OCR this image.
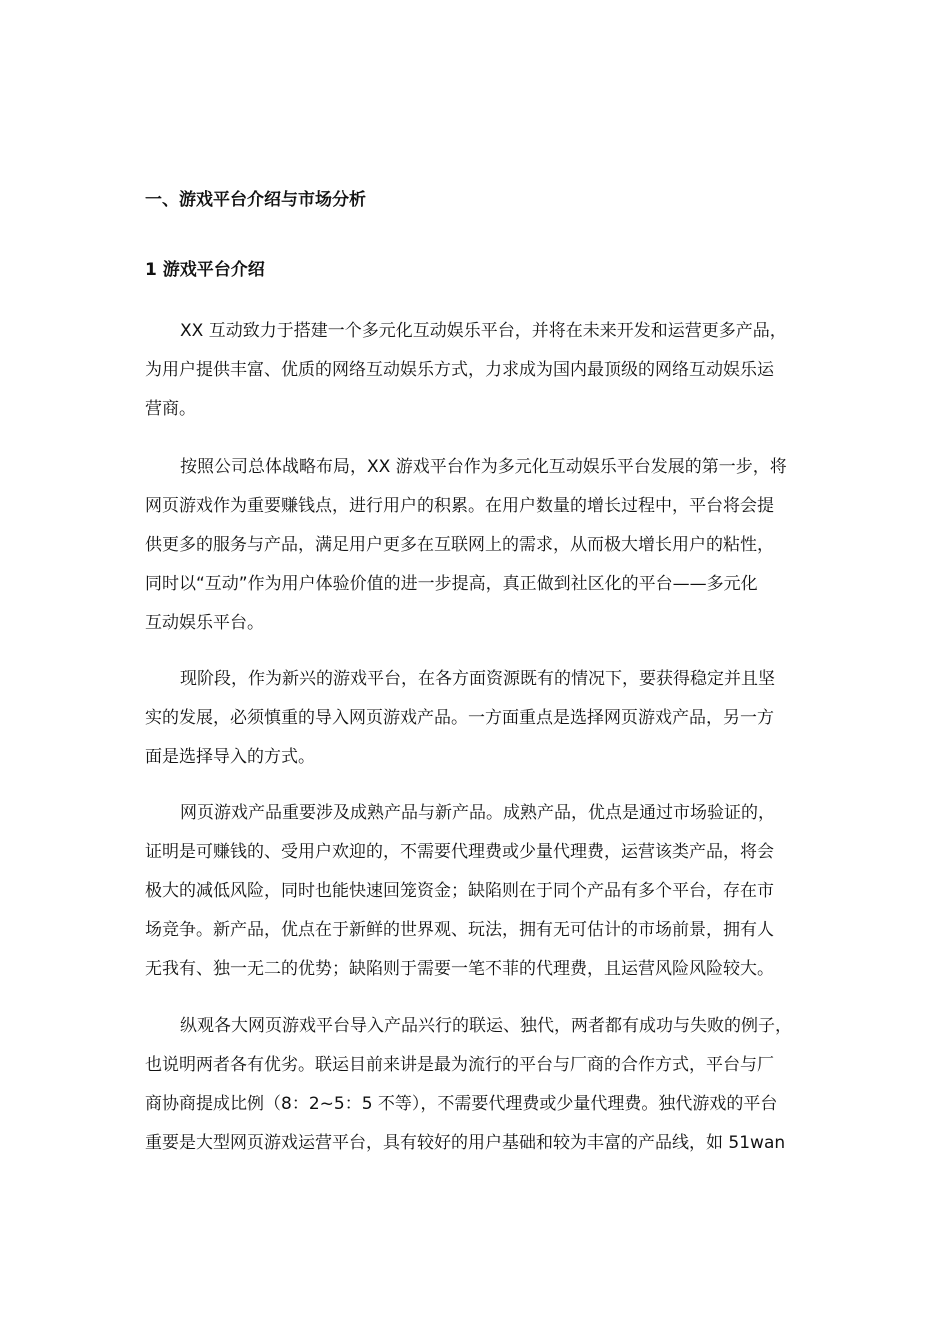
一、游戏平台介绍与市场分析
1 游戏平台介绍
XX 互动致力于搭建一个多元化互动娱乐平台，并将在未来开发和运营更多产品，
为用户提供丰富、优质的网络互动娱乐方式，力求成为国内最顶级的网络互动娱乐运
营商。
按照公司总体战略布局，XX 游戏平台作为多元化互动娱乐平台发展的第一步，将
网页游戏作为重要赚钱点，进行用户的积累。在用户数量的增长过程中，平台将会提
供更多的服务与产品，满足用户更多在互联网上的需求，从而极大增长用户的粘性，
同时以“互动”作为用户体验价值的进一步提高，真正做到社区化的平台——多元化
互动娱乐平台。
现阶段，作为新兴的游戏平台，在各方面资源既有的情况下，要获得稳定并且坚
实的发展，必须慎重的导入网页游戏产品。一方面重点是选择网页游戏产品，另一方
面是选择导入的方式。
网页游戏产品重要涉及成熟产品与新产品。成熟产品，优点是通过市场验证的，
证明是可赚钱的、受用户欢迎的，不需要代理费或少量代理费，运营该类产品，将会
极大的减低风险，同时也能快速回笼资金；缺陷则在于同个产品有多个平台，存在市
场竞争。新产品，优点在于新鲜的世界观、玩法，拥有无可估计的市场前景，拥有人
无我有、独一无二的优势；缺陷则于需要一笔不菲的代理费，且运营风险风险较大。
纵观各大网页游戏平台导入产品兴行的联运、独代，两者都有成功与失败的例子，
也说明两者各有优劣。联运目前来讲是最为流行的平台与厂商的合作方式，平台与厂
商协商提成比例（8：2~5：5 不等），不需要代理费或少量代理费。独代游戏的平台
重要是大型网页游戏运营平台，具有较好的用户基础和较为丰富的产品线，如 51wan
